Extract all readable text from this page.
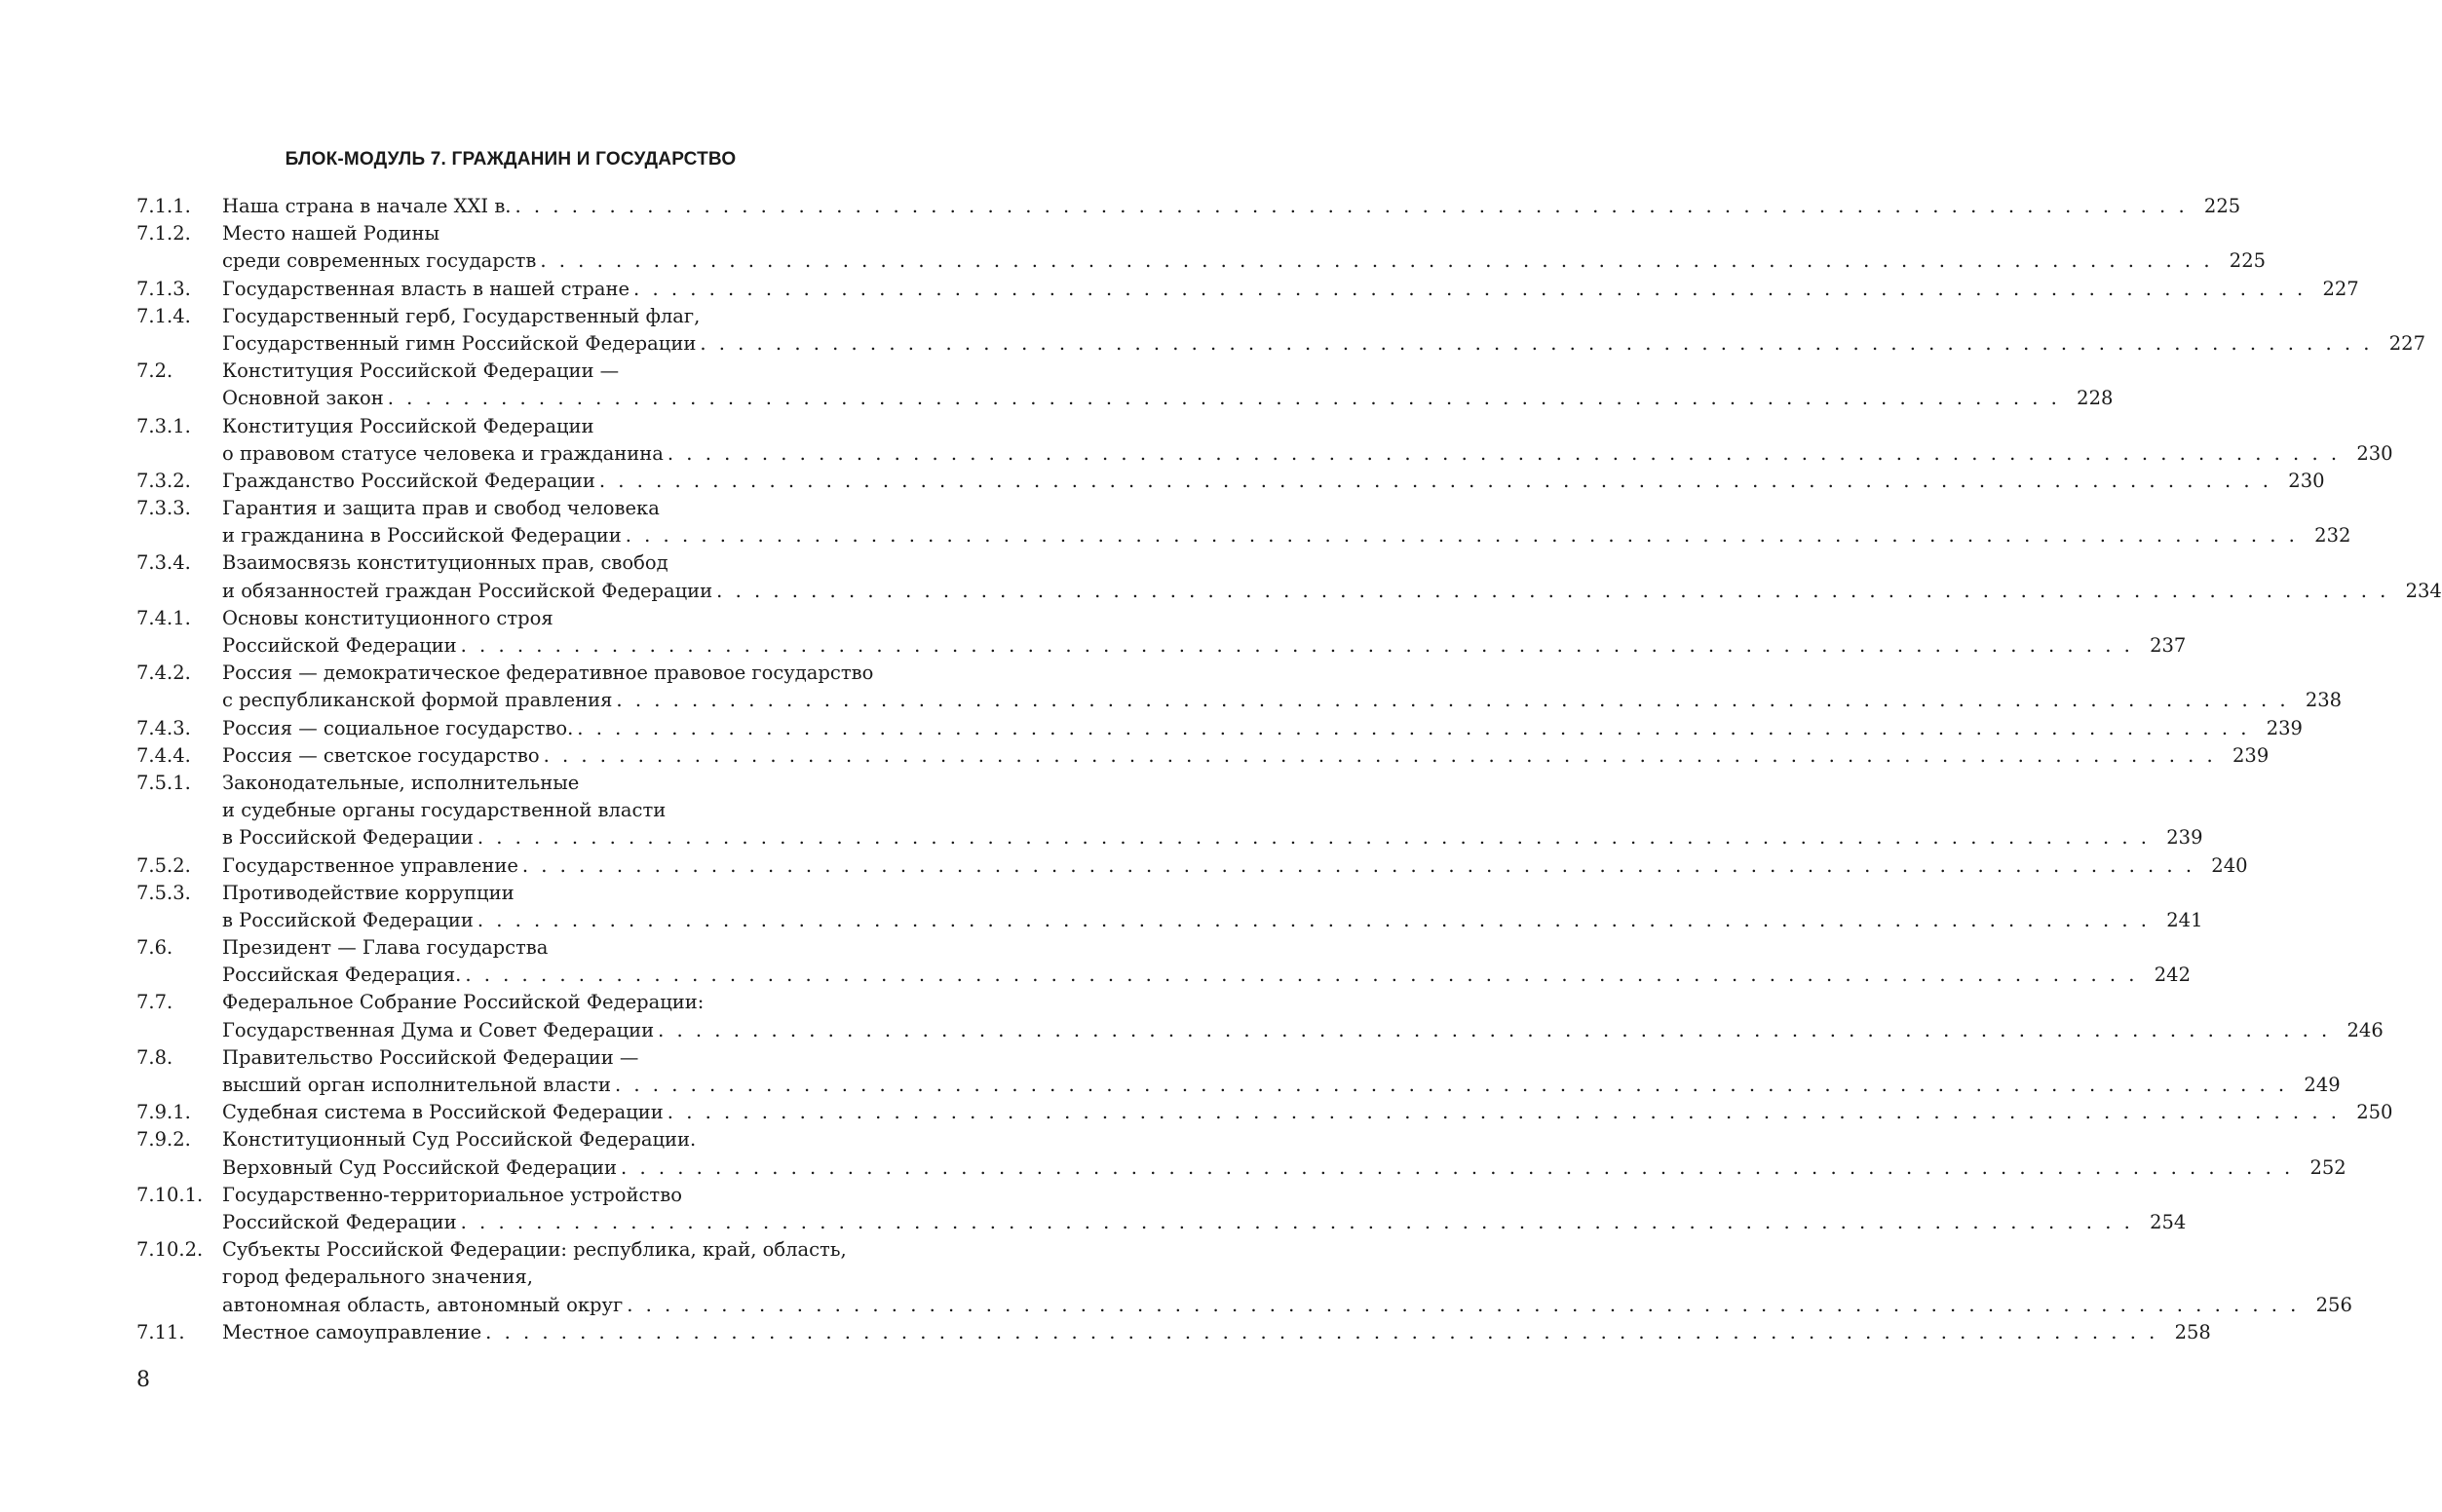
БЛОК-МОДУЛЬ 7. ГРАЖДАНИН И ГОСУДАРСТВО
7.1.1. Наша страна в начале XXI в. . . . . . . . . . . . . . . . . . . . . . . . . . . . . . . . . . . . . . . . . . . . . . . . . . . . . . . . . . . . . . . . . . . . . . . . . . . . . . . . . . . . . . . . . . 225
7.1.2. Место нашей Родины
среди современных государств . . . . . . . . . . . . . . . . . . . . . . . . . . . . . . . . . . . . . . . . . . . . . . . . . . . . . . . . . . . . . . . . . . . . . . . . . . . . . . . . . . . . . . . . . 225
7.1.3. Государственная власть в нашей стране . . . . . . . . . . . . . . . . . . . . . . . . . . . . . . . . . . . . . . . . . . . . . . . . . . . . . . . . . . . . . . . . . . . . . . . . . . . . . . . . . . . . . . . . . 227
7.1.4. Государственный герб, Государственный флаг,
Государственный гимн Российской Федерации . . . . . . . . . . . . . . . . . . . . . . . . . . . . . . . . . . . . . . . . . . . . . . . . . . . . . . . . . . . . . . . . . . . . . . . . . . . . . . . . . . . . . . . . . 227
7.2.	Конституция Российской Федерации —
Основной закон . . . . . . . . . . . . . . . . . . . . . . . . . . . . . . . . . . . . . . . . . . . . . . . . . . . . . . . . . . . . . . . . . . . . . . . . . . . . . . . . . . . . . . . . . 228
7.3.1. Конституция Российской Федерации
о правовом статусе человека и гражданина . . . . . . . . . . . . . . . . . . . . . . . . . . . . . . . . . . . . . . . . . . . . . . . . . . . . . . . . . . . . . . . . . . . . . . . . . . . . . . . . . . . . . . . . . 230
7.3.2. Гражданство Российской Федерации . . . . . . . . . . . . . . . . . . . . . . . . . . . . . . . . . . . . . . . . . . . . . . . . . . . . . . . . . . . . . . . . . . . . . . . . . . . . . . . . . . . . . . . . . 230
7.3.3. Гарантия и защита прав и свобод человека
и гражданина в Российской Федерации . . . . . . . . . . . . . . . . . . . . . . . . . . . . . . . . . . . . . . . . . . . . . . . . . . . . . . . . . . . . . . . . . . . . . . . . . . . . . . . . . . . . . . . . . 232
7.3.4. Взаимосвязь конституционных прав, свобод
и обязанностей граждан Российской Федерации . . . . . . . . . . . . . . . . . . . . . . . . . . . . . . . . . . . . . . . . . . . . . . . . . . . . . . . . . . . . . . . . . . . . . . . . . . . . . . . . . . . . . . . . . 234
7.4.1. Основы конституционного строя
Российской Федерации . . . . . . . . . . . . . . . . . . . . . . . . . . . . . . . . . . . . . . . . . . . . . . . . . . . . . . . . . . . . . . . . . . . . . . . . . . . . . . . . . . . . . . . . . 237
7.4.2. Россия — демократическое федеративное правовое государство
с республиканской формой правления . . . . . . . . . . . . . . . . . . . . . . . . . . . . . . . . . . . . . . . . . . . . . . . . . . . . . . . . . . . . . . . . . . . . . . . . . . . . . . . . . . . . . . . . . 238
7.4.3. Россия — социальное государство. . . . . . . . . . . . . . . . . . . . . . . . . . . . . . . . . . . . . . . . . . . . . . . . . . . . . . . . . . . . . . . . . . . . . . . . . . . . . . . . . . . . . . . . . . 239
7.4.4. Россия — светское государство . . . . . . . . . . . . . . . . . . . . . . . . . . . . . . . . . . . . . . . . . . . . . . . . . . . . . . . . . . . . . . . . . . . . . . . . . . . . . . . . . . . . . . . . . 239
7.5.1. Законодательные, исполнительные
и судебные органы государственной власти
в Российской Федерации . . . . . . . . . . . . . . . . . . . . . . . . . . . . . . . . . . . . . . . . . . . . . . . . . . . . . . . . . . . . . . . . . . . . . . . . . . . . . . . . . . . . . . . . . 239
7.5.2. Государственное управление . . . . . . . . . . . . . . . . . . . . . . . . . . . . . . . . . . . . . . . . . . . . . . . . . . . . . . . . . . . . . . . . . . . . . . . . . . . . . . . . . . . . . . . . . 240
7.5.3. Противодействие коррупции
в Российской Федерации . . . . . . . . . . . . . . . . . . . . . . . . . . . . . . . . . . . . . . . . . . . . . . . . . . . . . . . . . . . . . . . . . . . . . . . . . . . . . . . . . . . . . . . . . 241
7.6.	Президент — Глава государства
Российская Федерация. . . . . . . . . . . . . . . . . . . . . . . . . . . . . . . . . . . . . . . . . . . . . . . . . . . . . . . . . . . . . . . . . . . . . . . . . . . . . . . . . . . . . . . . . . 242
7.7.	Федеральное Собрание Российской Федерации:
Государственная Дума и Совет Федерации . . . . . . . . . . . . . . . . . . . . . . . . . . . . . . . . . . . . . . . . . . . . . . . . . . . . . . . . . . . . . . . . . . . . . . . . . . . . . . . . . . . . . . . . . 246
7.8.	Правительство Российской Федерации —
высший орган исполнительной власти . . . . . . . . . . . . . . . . . . . . . . . . . . . . . . . . . . . . . . . . . . . . . . . . . . . . . . . . . . . . . . . . . . . . . . . . . . . . . . . . . . . . . . . . . 249
7.9.1. Судебная система в Российской Федерации . . . . . . . . . . . . . . . . . . . . . . . . . . . . . . . . . . . . . . . . . . . . . . . . . . . . . . . . . . . . . . . . . . . . . . . . . . . . . . . . . . . . . . . . . 250
7.9.2. Конституционный Суд Российской Федерации.
Верховный Суд Российской Федерации . . . . . . . . . . . . . . . . . . . . . . . . . . . . . . . . . . . . . . . . . . . . . . . . . . . . . . . . . . . . . . . . . . . . . . . . . . . . . . . . . . . . . . . . . 252
7.10.1. Государственно-территориальное устройство
Российской Федерации . . . . . . . . . . . . . . . . . . . . . . . . . . . . . . . . . . . . . . . . . . . . . . . . . . . . . . . . . . . . . . . . . . . . . . . . . . . . . . . . . . . . . . . . . 254
7.10.2. Субъекты Российской Федерации: республика, край, область,
город федерального значения,
автономная область, автономный округ . . . . . . . . . . . . . . . . . . . . . . . . . . . . . . . . . . . . . . . . . . . . . . . . . . . . . . . . . . . . . . . . . . . . . . . . . . . . . . . . . . . . . . . . . 256
7.11. Местное самоуправление . . . . . . . . . . . . . . . . . . . . . . . . . . . . . . . . . . . . . . . . . . . . . . . . . . . . . . . . . . . . . . . . . . . . . . . . . . . . . . . . . . . . . . . . . 258
8
